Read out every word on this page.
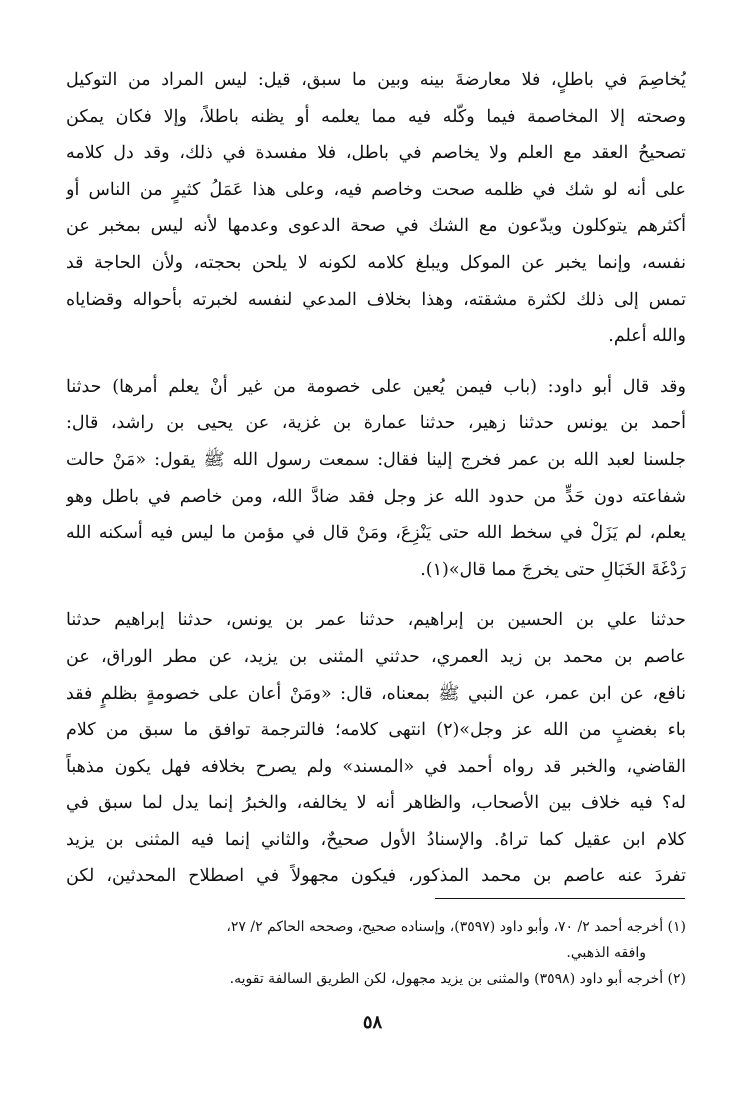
يُخاصِمَ في باطلٍ، فلا معارضةَ بينه وبين ما سبق، قيل: ليس المراد من التوكيل
وصحته إلا المخاصمة فيما وكّله فيه مما يعلمه أو يظنه باطلاً، وإلا فكان يمكن
تصحيحُ العقد مع العلم ولا يخاصم في باطل، فلا مفسدة في ذلك، وقد دل كلامه
على أنه لو شك في ظلمه صحت وخاصم فيه، وعلى هذا عَمَلُ كثيرٍ من الناس أو
أكثرهم يتوكلون ويدّعون مع الشك في صحة الدعوى وعدمها لأنه ليس بمخبر عن
نفسه، وإنما يخبر عن الموكل ويبلغ كلامه لكونه لا يلحن بحجته، ولأن الحاجة قد
تمس إلى ذلك لكثرة مشقته، وهذا بخلاف المدعي لنفسه لخبرته بأحواله وقضاياه
والله أعلم.
وقد قال أبو داود: (باب فيمن يُعين على خصومة من غير أنْ يعلم أمرها) حدثنا
أحمد بن يونس حدثنا زهير، حدثنا عمارة بن غزية، عن يحيى بن راشد، قال:
جلسنا لعبد الله بن عمر فخرج إلينا فقال: سمعت رسول الله ﷺ يقول: «مَنْ حالت
شفاعته دون حَدٍّ من حدود الله عز وجل فقد ضادَّ الله، ومن خاصم في باطل وهو
يعلم، لم يَزَلْ في سخط الله حتى يَنْزِعَ، ومَنْ قال في مؤمن ما ليس فيه أسكنه الله
رَدْغَةَ الخَبَالِ حتى يخرجَ مما قال»(١).
حدثنا علي بن الحسين بن إبراهيم، حدثنا عمر بن يونس، حدثنا إبراهيم حدثنا
عاصم بن محمد بن زيد العمري، حدثني المثنى بن يزيد، عن مطر الوراق، عن
نافع، عن ابن عمر، عن النبي ﷺ بمعناه، قال: «ومَنْ أعان على خصومةٍ بظلمٍ فقد
باء بغضبٍ من الله عز وجل»(٢) انتهى كلامه؛ فالترجمة توافق ما سبق من كلام
القاضي، والخبر قد رواه أحمد في «المسند» ولم يصرح بخلافه فهل يكون مذهباً
له؟ فيه خلاف بين الأصحاب، والظاهر أنه لا يخالفه، والخبرُ إنما يدل لما سبق في
كلام ابن عقيل كما تراهُ. والإسنادُ الأول صحيحٌ، والثاني إنما فيه المثنى بن يزيد
تفردَ عنه عاصم بن محمد المذكور، فيكون مجهولاً في اصطلاح المحدثين، لكن
(١) أخرجه أحمد ٢/ ٧٠، وأبو داود (٣٥٩٧)، وإسناده صحيح، وصححه الحاكم ٢/ ٢٧،
وافقه الذهبي.
(٢) أخرجه أبو داود (٣٥٩٨) والمثنى بن يزيد مجهول، لكن الطريق السالفة تقويه.
٥٨
